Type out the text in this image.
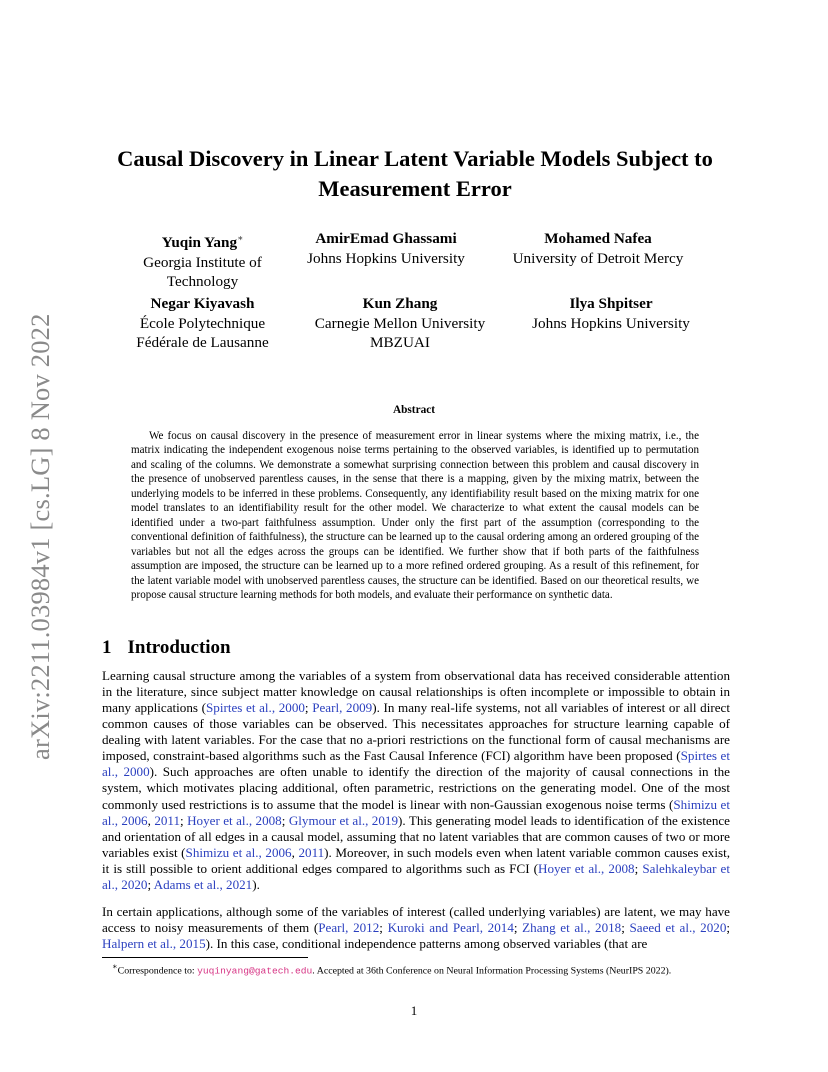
arXiv:2211.03984v1 [cs.LG] 8 Nov 2022
Causal Discovery in Linear Latent Variable Models Subject to Measurement Error
Yuqin Yang∗
Georgia Institute of Technology
AmirEmad Ghassami
Johns Hopkins University
Mohamed Nafea
University of Detroit Mercy
Negar Kiyavash
École Polytechnique Fédérale de Lausanne
Kun Zhang
Carnegie Mellon University MBZUAI
Ilya Shpitser
Johns Hopkins University
Abstract
We focus on causal discovery in the presence of measurement error in linear systems where the mixing matrix, i.e., the matrix indicating the independent exogenous noise terms pertaining to the observed variables, is identified up to permutation and scaling of the columns. We demonstrate a somewhat surprising connection between this problem and causal discovery in the presence of unobserved parentless causes, in the sense that there is a mapping, given by the mixing matrix, between the underlying models to be inferred in these problems. Consequently, any identifiability result based on the mixing matrix for one model translates to an identifiability result for the other model. We characterize to what extent the causal models can be identified under a two-part faithfulness assumption. Under only the first part of the assumption (corresponding to the conventional definition of faithfulness), the structure can be learned up to the causal ordering among an ordered grouping of the variables but not all the edges across the groups can be identified. We further show that if both parts of the faithfulness assumption are imposed, the structure can be learned up to a more refined ordered grouping. As a result of this refinement, for the latent variable model with unobserved parentless causes, the structure can be identified. Based on our theoretical results, we propose causal structure learning methods for both models, and evaluate their performance on synthetic data.
1 Introduction
Learning causal structure among the variables of a system from observational data has received considerable attention in the literature, since subject matter knowledge on causal relationships is often incomplete or impossible to obtain in many applications (Spirtes et al., 2000; Pearl, 2009). In many real-life systems, not all variables of interest or all direct common causes of those variables can be observed. This necessitates approaches for structure learning capable of dealing with latent variables. For the case that no a-priori restrictions on the functional form of causal mechanisms are imposed, constraint-based algorithms such as the Fast Causal Inference (FCI) algorithm have been proposed (Spirtes et al., 2000). Such approaches are often unable to identify the direction of the majority of causal connections in the system, which motivates placing additional, often parametric, restrictions on the generating model. One of the most commonly used restrictions is to assume that the model is linear with non-Gaussian exogenous noise terms (Shimizu et al., 2006, 2011; Hoyer et al., 2008; Glymour et al., 2019). This generating model leads to identification of the existence and orientation of all edges in a causal model, assuming that no latent variables that are common causes of two or more variables exist (Shimizu et al., 2006, 2011). Moreover, in such models even when latent variable common causes exist, it is still possible to orient additional edges compared to algorithms such as FCI (Hoyer et al., 2008; Salehkaleybar et al., 2020; Adams et al., 2021).
In certain applications, although some of the variables of interest (called underlying variables) are latent, we may have access to noisy measurements of them (Pearl, 2012; Kuroki and Pearl, 2014; Zhang et al., 2018; Saeed et al., 2020; Halpern et al., 2015). In this case, conditional independence patterns among observed variables (that are
∗Correspondence to: yuqinyang@gatech.edu. Accepted at 36th Conference on Neural Information Processing Systems (NeurIPS 2022).
1
